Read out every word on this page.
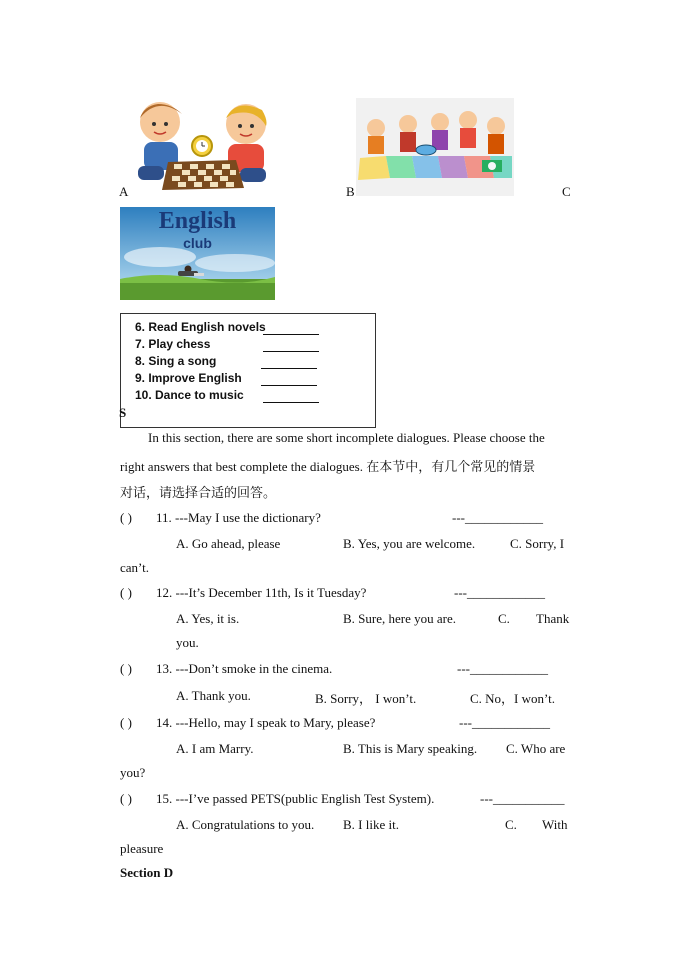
A	B	C
English
club
6. Read English novels
7. Play chess
8. Sing a song
9. Improve English
10. Dance to music
S
In this section, there are some short incomplete dialogues. Please choose the
right answers that best complete the dialogues. 在本节中，有几个常见的情景
对话，请选择合适的回答。
( ) 11. ---May I use the dictionary?	---____________
A. Go ahead, please	B. Yes, you are welcome.	C. Sorry, I
can’t.
( ) 12. ---It’s December 11th, Is it Tuesday?	---____________
A. Yes, it is.	B. Sure, here you are.	C. Thank
you.
( ) 13. ---Don’t smoke in the cinema.	---____________
A. Thank you.	B. Sorry， I won’t.	C. No，I won’t.
( ) 14. ---Hello, may I speak to Mary, please?	---____________
A. I am Marry.	B. This is Mary speaking. C. Who are
you?
( ) 15. ---I’ve passed PETS(public English Test System).	---___________
A. Congratulations to you. B. I like it.	C. With
pleasure
Section D
